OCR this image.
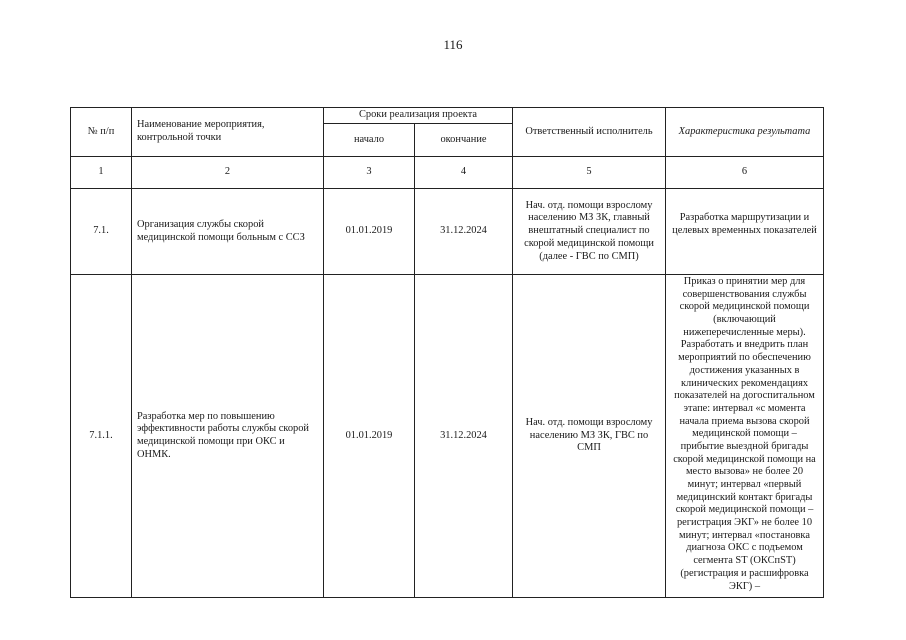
116
№ п/п	Наименование мероприятия, контрольной точки	Сроки реализация проекта		Ответственный исполнитель	Характеристика результата
		начало	окончание		
1	2	3	4	5	6
7.1.	Организация службы скорой медицинской помощи больным с ССЗ	01.01.2019	31.12.2024	Нач. отд. помощи взрослому населению МЗ ЗК, главный внештатный специалист по скорой медицинской помощи (далее - ГВС по СМП)	Разработка маршрутизации и целевых временных показателей
7.1.1.	Разработка мер по повышению эффективности работы службы скорой медицинской помощи при ОКС и ОНМК.	01.01.2019	31.12.2024	Нач. отд. помощи взрослому населению МЗ ЗК, ГВС по СМП	Приказ о принятии мер для совершенствования службы скорой медицинской помощи (включающий нижеперечисленные меры). Разработать и внедрить план мероприятий по обеспечению достижения указанных в клинических рекомендациях показателей на догоспитальном этапе: интервал «с момента начала приема вызова скорой медицинской помощи – прибытие выездной бригады скорой медицинской помощи на место вызова» не более 20 минут; интервал «первый медицинский контакт бригады скорой медицинской помощи – регистрация ЭКГ» не более 10 минут; интервал «постановка диагноза ОКС с подъемом сегмента ST (ОКСпST) (регистрация и расшифровка ЭКГ) –
